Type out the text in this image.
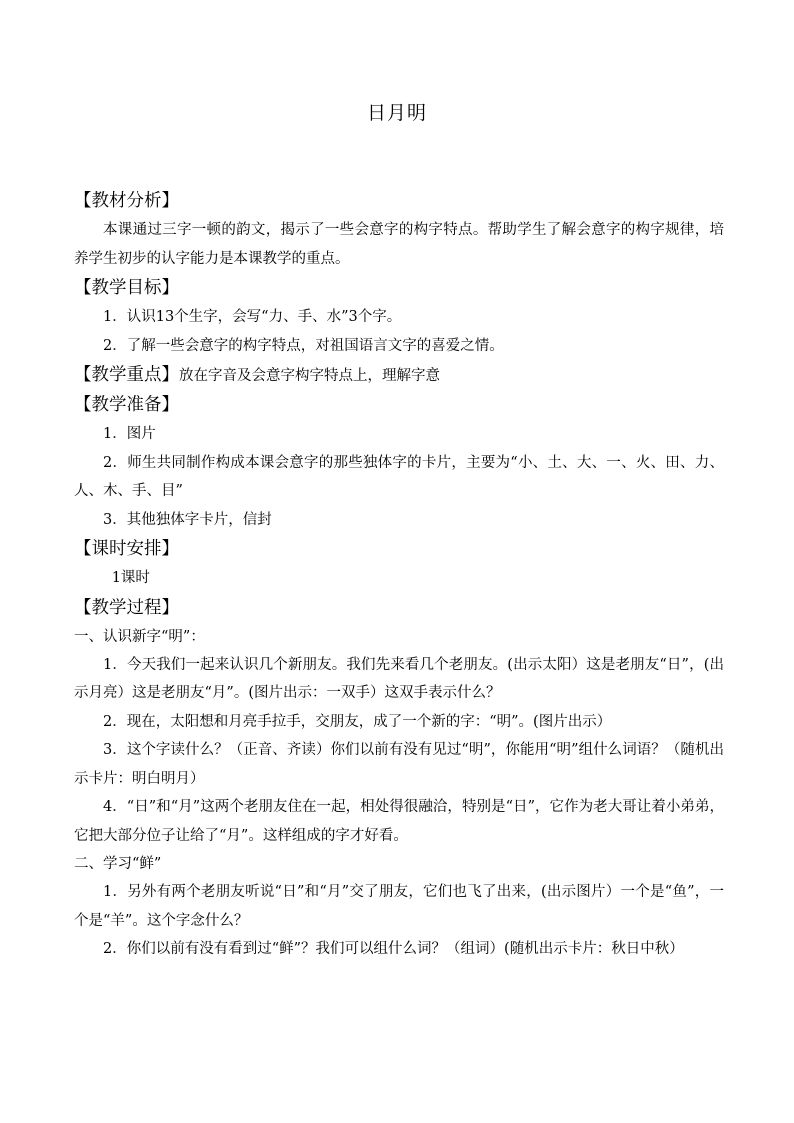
日月明
【教材分析】
本课通过三字一顿的韵文，揭示了一些会意字的构字特点。帮助学生了解会意字的构字规律，培养学生初步的认字能力是本课教学的重点。
【教学目标】
1．认识13个生字，会写“力、手、水”3个字。
2．了解一些会意字的构字特点，对祖国语言文字的喜爱之情。
【教学重点】放在字音及会意字构字特点上，理解字意
【教学准备】
1．图片
2．师生共同制作构成本课会意字的那些独体字的卡片，主要为“小、土、大、一、火、田、力、人、木、手、目”
3．其他独体字卡片，信封
【课时安排】
1课时
【教学过程】
一、认识新字“明”：
1．今天我们一起来认识几个新朋友。我们先来看几个老朋友。(出示太阳）这是老朋友“日”，(出示月亮）这是老朋友“月”。(图片出示：一双手）这双手表示什么？
2．现在，太阳想和月亮手拉手，交朋友，成了一个新的字：“明”。(图片出示）
3．这个字读什么？（正音、齐读）你们以前有没有见过“明”，你能用“明”组什么词语？（随机出示卡片：明白明月）
4．“日”和“月”这两个老朋友住在一起，相处得很融洽，特别是“日”，它作为老大哥让着小弟弟，它把大部分位子让给了“月”。这样组成的字才好看。
二、学习“鲜”
1．另外有两个老朋友听说“日”和“月”交了朋友，它们也飞了出来，(出示图片）一个是“鱼”，一个是“羊”。这个字念什么？
2．你们以前有没有看到过“鲜”？我们可以组什么词？（组词）(随机出示卡片：秋日中秋）
